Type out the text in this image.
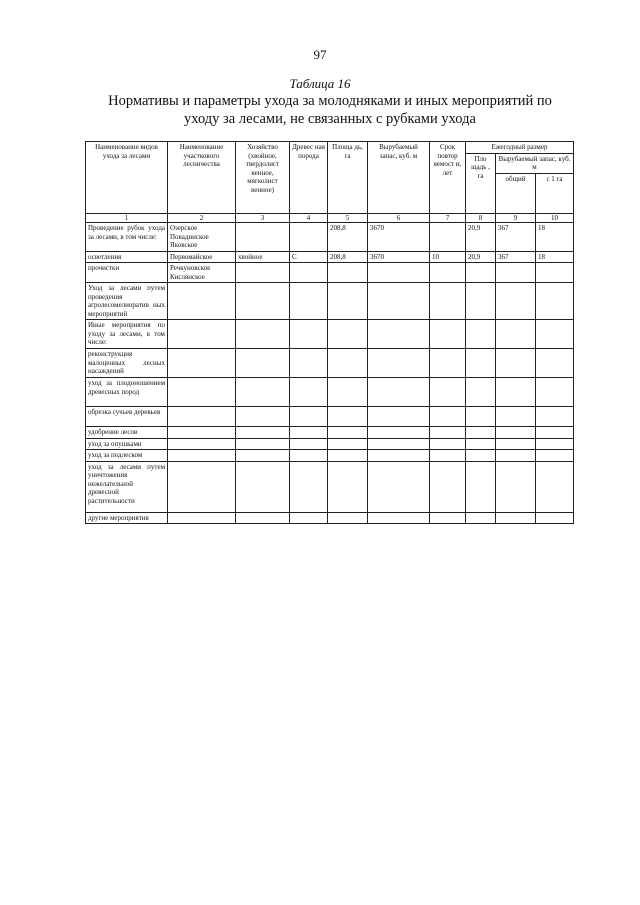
97
Таблица 16
Нормативы и параметры ухода за молодняками и иных мероприятий по
уходу за лесами, не связанных с рубками ухода
Наименование видов ухода за лесами	Наименование участкового лесничества	Хозяйство (хвойное, твердолист венное, мягколист венное)	Древес ная порода	Площа дь, га	Вырубаемый запас, куб. м	Срок повтор яемост и, лет	Ежегодный размер		
							Пло щадь , га	Вырубаемый запас, куб. м	
								общий	с 1 га
1	2	3	4	5	6	7	8	9	10
Проведение рубок ухода за лесами, в том числе:	Озерское Повадинское Яковское			208,8	3670		20,9	367	18
осветления	Первомайское	хвойное	С	208,8	3670	10	20,9	367	18
прочистки	Речкуновское Кислянское								
Уход за лесами путем проведения агролесомелиоратив ных мероприятий									
Иные мероприятия по уходу за лесами, в том числе:									
реконструкция малоценных лесных насаждений									
уход за плодоношением древесных пород									
обрезка сучьев деревьев									
удобрение лесов									
уход за опушками									
уход за подлеском									
уход за лесами путем уничтожения нежелательной древесной растительности									
другие мероприятия									
